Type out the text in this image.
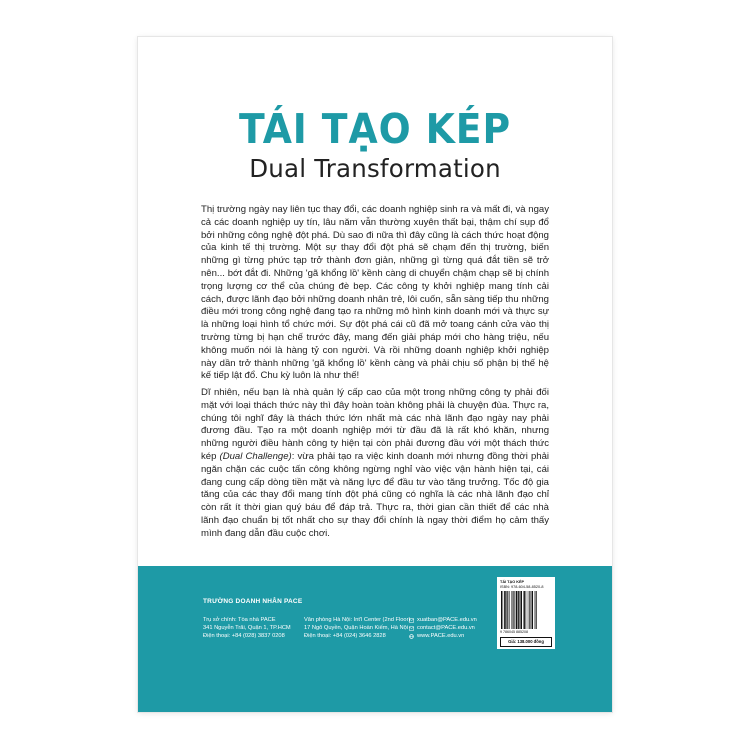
TÁI TẠO KÉP
Dual Transformation

Thị trường ngày nay liên tục thay đổi, các doanh nghiệp sinh ra và mất đi, và ngay cả các doanh nghiệp uy tín, lâu năm vẫn thường xuyên thất bại, thậm chí sụp đổ bởi những công nghệ đột phá. Dù sao đi nữa thì đây cũng là cách thức hoạt động của kinh tế thị trường. Một sự thay đổi đột phá sẽ chạm đến thị trường, biến những gì từng phức tạp trở thành đơn giản, những gì từng quá đắt tiền sẽ trở nên... bớt đắt đi. Những 'gã khổng lồ' kềnh càng di chuyển chậm chạp sẽ bị chính trọng lượng cơ thể của chúng đè bẹp. Các công ty khởi nghiệp mang tính cải cách, được lãnh đạo bởi những doanh nhân trẻ, lôi cuốn, sẵn sàng tiếp thu những điều mới trong công nghệ đang tạo ra những mô hình kinh doanh mới và thực sự là những loại hình tổ chức mới. Sự đột phá cái cũ đã mở toang cánh cửa vào thị trường từng bị hạn chế trước đây, mang đến giải pháp mới cho hàng triệu, nếu không muốn nói là hàng tỷ con người. Và rồi những doanh nghiệp khởi nghiệp này dần trở thành những 'gã khổng lồ' kềnh càng và phải chịu số phận bị thế hệ kế tiếp lật đổ. Chu kỳ luôn là như thế!

Dĩ nhiên, nếu bạn là nhà quản lý cấp cao của một trong những công ty phải đối mặt với loại thách thức này thì đây hoàn toàn không phải là chuyện đùa. Thực ra, chúng tôi nghĩ đây là thách thức lớn nhất mà các nhà lãnh đạo ngày nay phải đương đầu. Tạo ra một doanh nghiệp mới từ đầu đã là rất khó khăn, nhưng những người điều hành công ty hiện tại còn phải đương đầu với một thách thức kép (Dual Challenge): vừa phải tạo ra việc kinh doanh mới nhưng đồng thời phải ngăn chặn các cuộc tấn công không ngừng nghỉ vào việc vận hành hiện tại, cái đang cung cấp dòng tiền mặt và năng lực để đầu tư vào tăng trưởng. Tốc độ gia tăng của các thay đổi mang tính đột phá cũng có nghĩa là các nhà lãnh đạo chỉ còn rất ít thời gian quý báu để đáp trả. Thực ra, thời gian cần thiết để các nhà lãnh đạo chuẩn bị tốt nhất cho sự thay đổi chính là ngay thời điểm họ cảm thấy mình đang dẫn đầu cuộc chơi.

TRƯỜNG DOANH NHÂN PACE
Trụ sở chính: Tòa nhà PACE
341 Nguyễn Trãi, Quận 1, TP.HCM
Điện thoại: +84 (028) 3837 0208
Văn phòng Hà Nội: Int'l Center (2nd Floor)
17 Ngô Quyền, Quận Hoàn Kiếm, Hà Nội
Điện thoại: +84 (024) 3646 2828
xuatban@PACE.edu.vn
contact@PACE.edu.vn
www.PACE.edu.vn
TÁI TẠO KÉP
ISBN: 978-604-58-8520-8
9 786045 885208
Giá: 138.000 đồng
